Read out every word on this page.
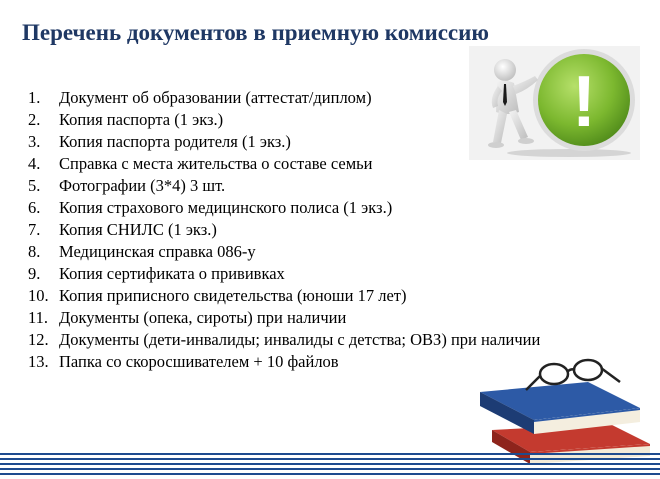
Перечень документов в приемную комиссию
1.	Документ об образовании (аттестат/диплом)
2.	Копия паспорта (1 экз.)
3.	Копия паспорта родителя (1 экз.)
4.	Справка с места жительства о составе семьи
5.	Фотографии (3*4) 3 шт.
6.	Копия страхового медицинского полиса (1 экз.)
7.	Копия СНИЛС (1 экз.)
8.	Медицинская справка 086-у
9.	Копия сертификата о прививках
10. Копия приписного свидетельства (юноши 17 лет)
11. Документы (опека, сироты) при наличии
12. Документы (дети-инвалиды; инвалиды с детства; ОВЗ) при наличии
13. Папка со скоросшивателем + 10 файлов
!
